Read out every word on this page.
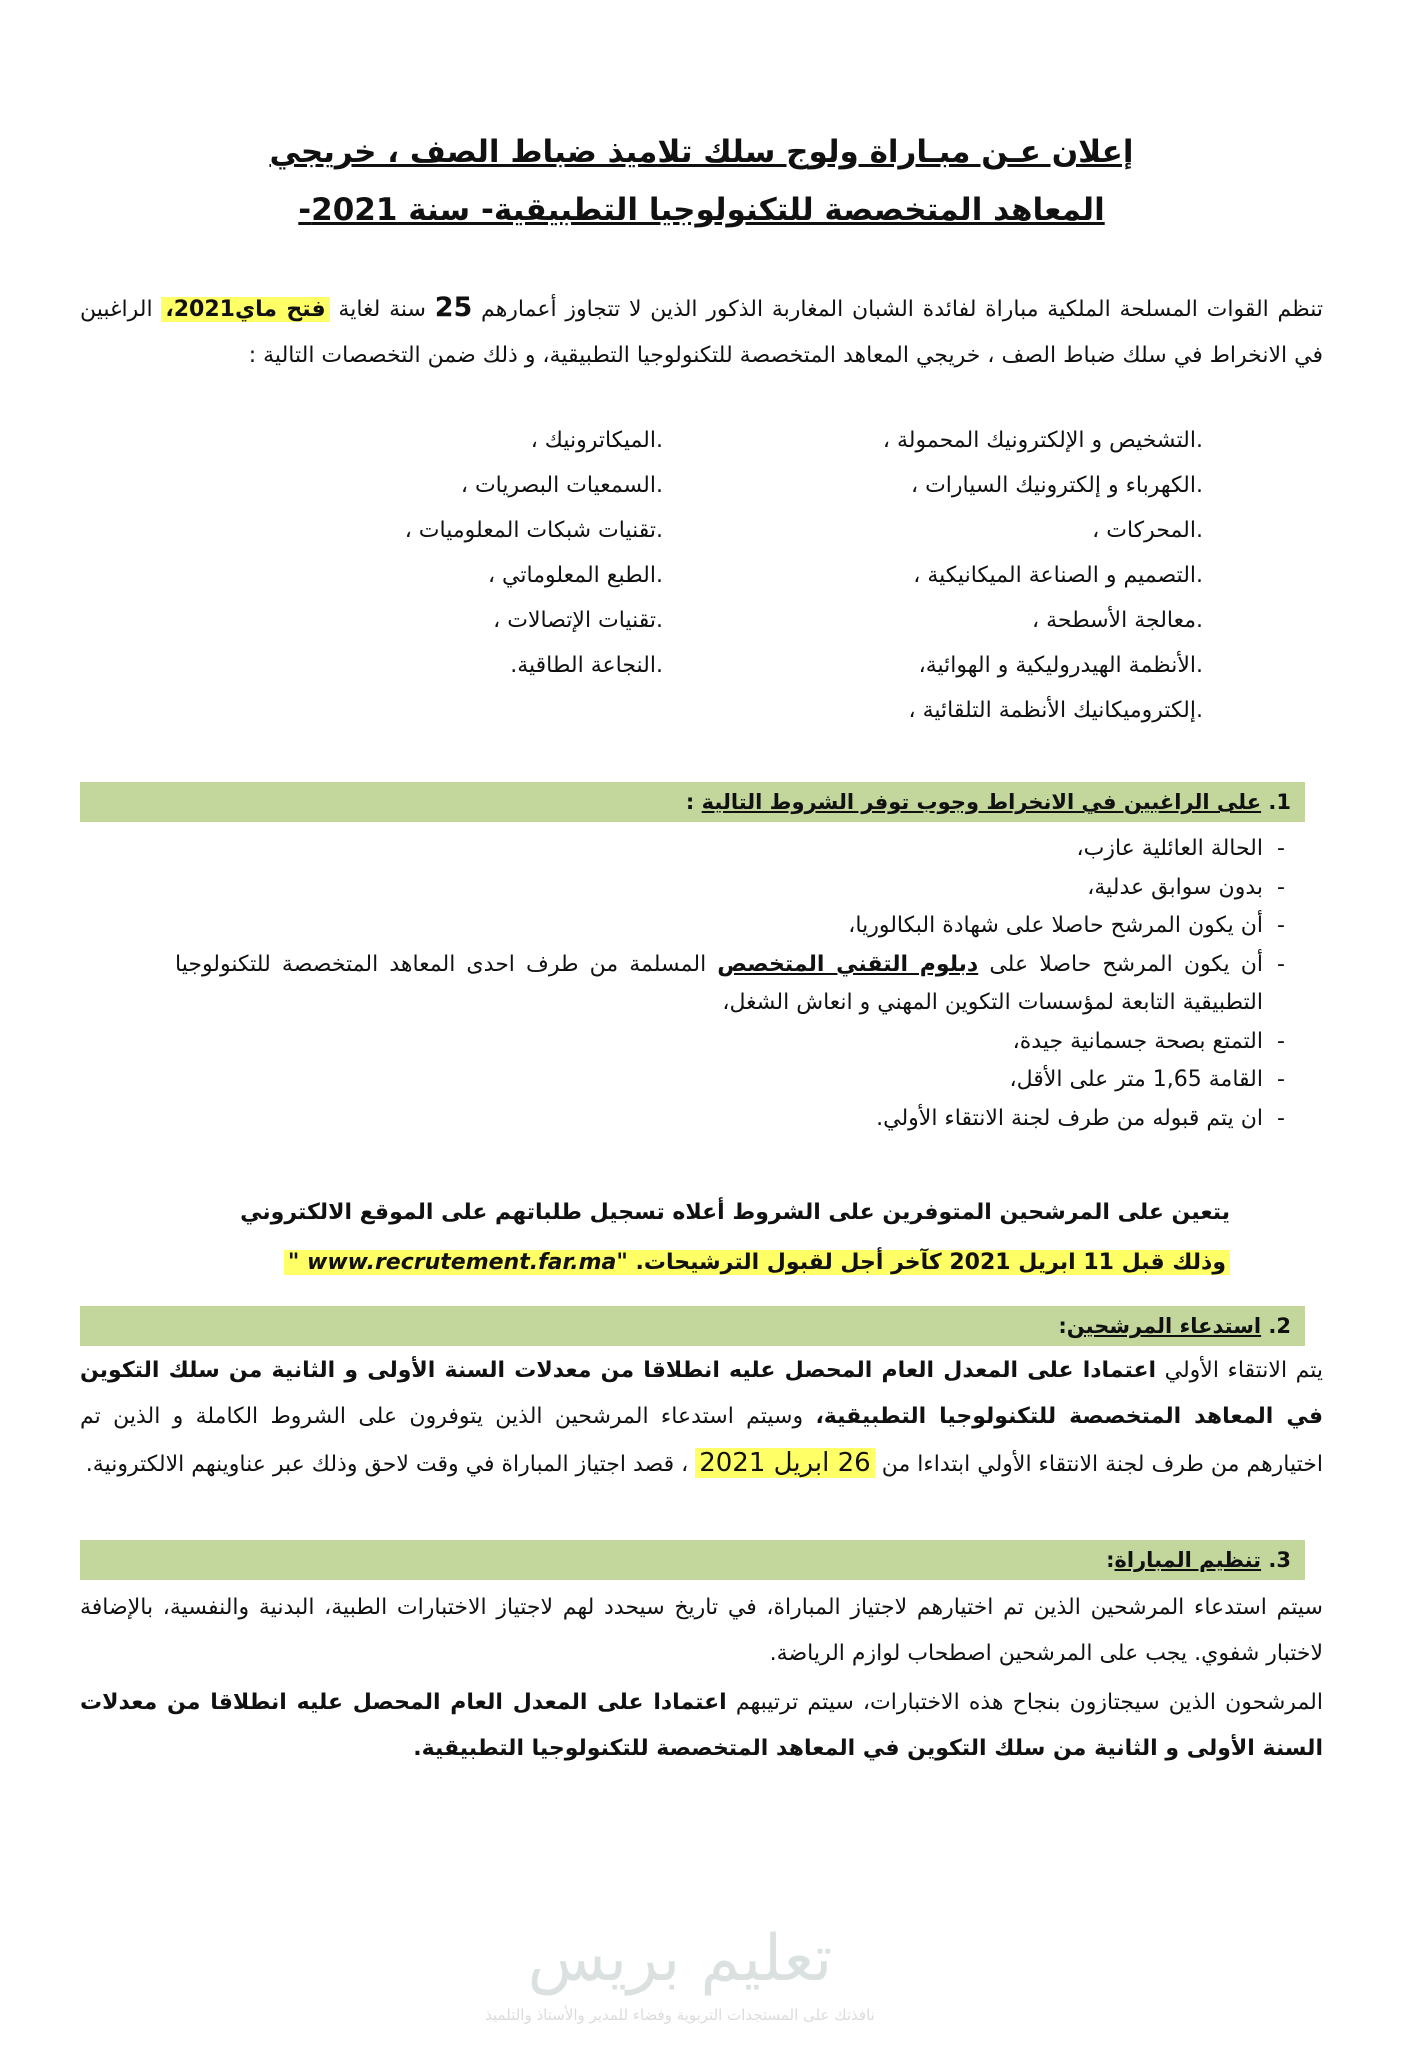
إعلان عـن مبـاراة ولوج سلك تلاميذ ضباط الصف ، خريجي
المعاهد المتخصصة للتكنولوجيا التطبيقية- سنة 2021-
تنظم القوات المسلحة الملكية مباراة لفائدة الشبان المغاربة الذكور الذين لا تتجاوز أعمارهم 25 سنة لغاية فتح ماي2021، الراغبين في الانخراط في سلك ضباط الصف ، خريجي المعاهد المتخصصة للتكنولوجيا التطبيقية، و ذلك ضمن التخصصات التالية :
.التشخيص و الإلكترونيك المحمولة ،
.الكهرباء و إلكترونيك السيارات ،
.المحركات ،
.التصميم و الصناعة الميكانيكية ،
.معالجة الأسطحة ،
.الأنظمة الهيدروليكية و الهوائية،
.إلكتروميكانيك الأنظمة التلقائية ،
.الميكاترونيك ،
.السمعيات البصريات ،
.تقنيات شبكات المعلوميات ،
.الطبع المعلوماتي ،
.تقنيات الإتصالات ،
.النجاعة الطاقية.
1. على الراغبين في الانخراط وجوب توفر الشروط التالية :
- الحالة العائلية عازب،
- بدون سوابق عدلية،
- أن يكون المرشح حاصلا على شهادة البكالوريا،
- أن يكون المرشح حاصلا على دبلوم التقني المتخصص المسلمة من طرف احدى المعاهد المتخصصة للتكنولوجيا التطبيقية التابعة لمؤسسات التكوين المهني و انعاش الشغل،
- التمتع بصحة جسمانية جيدة،
- القامة 1,65 متر على الأقل،
- ان يتم قبوله من طرف لجنة الانتقاء الأولي.
يتعين على المرشحين المتوفرين على الشروط أعلاه تسجيل طلباتهم على الموقع الالكتروني
وذلك قبل 11 ابريل 2021 كآخر أجل لقبول الترشيحات. " www.recrutement.far.ma"
2. استدعاء المرشحين:
يتم الانتقاء الأولي اعتمادا على المعدل العام المحصل عليه انطلاقا من معدلات السنة الأولى و الثانية من سلك التكوين في المعاهد المتخصصة للتكنولوجيا التطبيقية، وسيتم استدعاء المرشحين الذين يتوفرون على الشروط الكاملة و الذين تم اختيارهم من طرف لجنة الانتقاء الأولي ابتداءا من 26 ابريل 2021 ، قصد اجتياز المباراة في وقت لاحق وذلك عبر عناوينهم الالكترونية.
3. تنظيم المباراة:
سيتم استدعاء المرشحين الذين تم اختيارهم لاجتياز المباراة، في تاريخ سيحدد لهم لاجتياز الاختبارات الطبية، البدنية والنفسية، بالإضافة لاختبار شفوي. يجب على المرشحين اصطحاب لوازم الرياضة.
المرشحون الذين سيجتازون بنجاح هذه الاختبارات، سيتم ترتيبهم اعتمادا على المعدل العام المحصل عليه انطلاقا من معدلات السنة الأولى و الثانية من سلك التكوين في المعاهد المتخصصة للتكنولوجيا التطبيقية.
تعليم بريس
نافذتك على المستجدات التربوية وفضاء للمدير والأستاذ والتلميذ
